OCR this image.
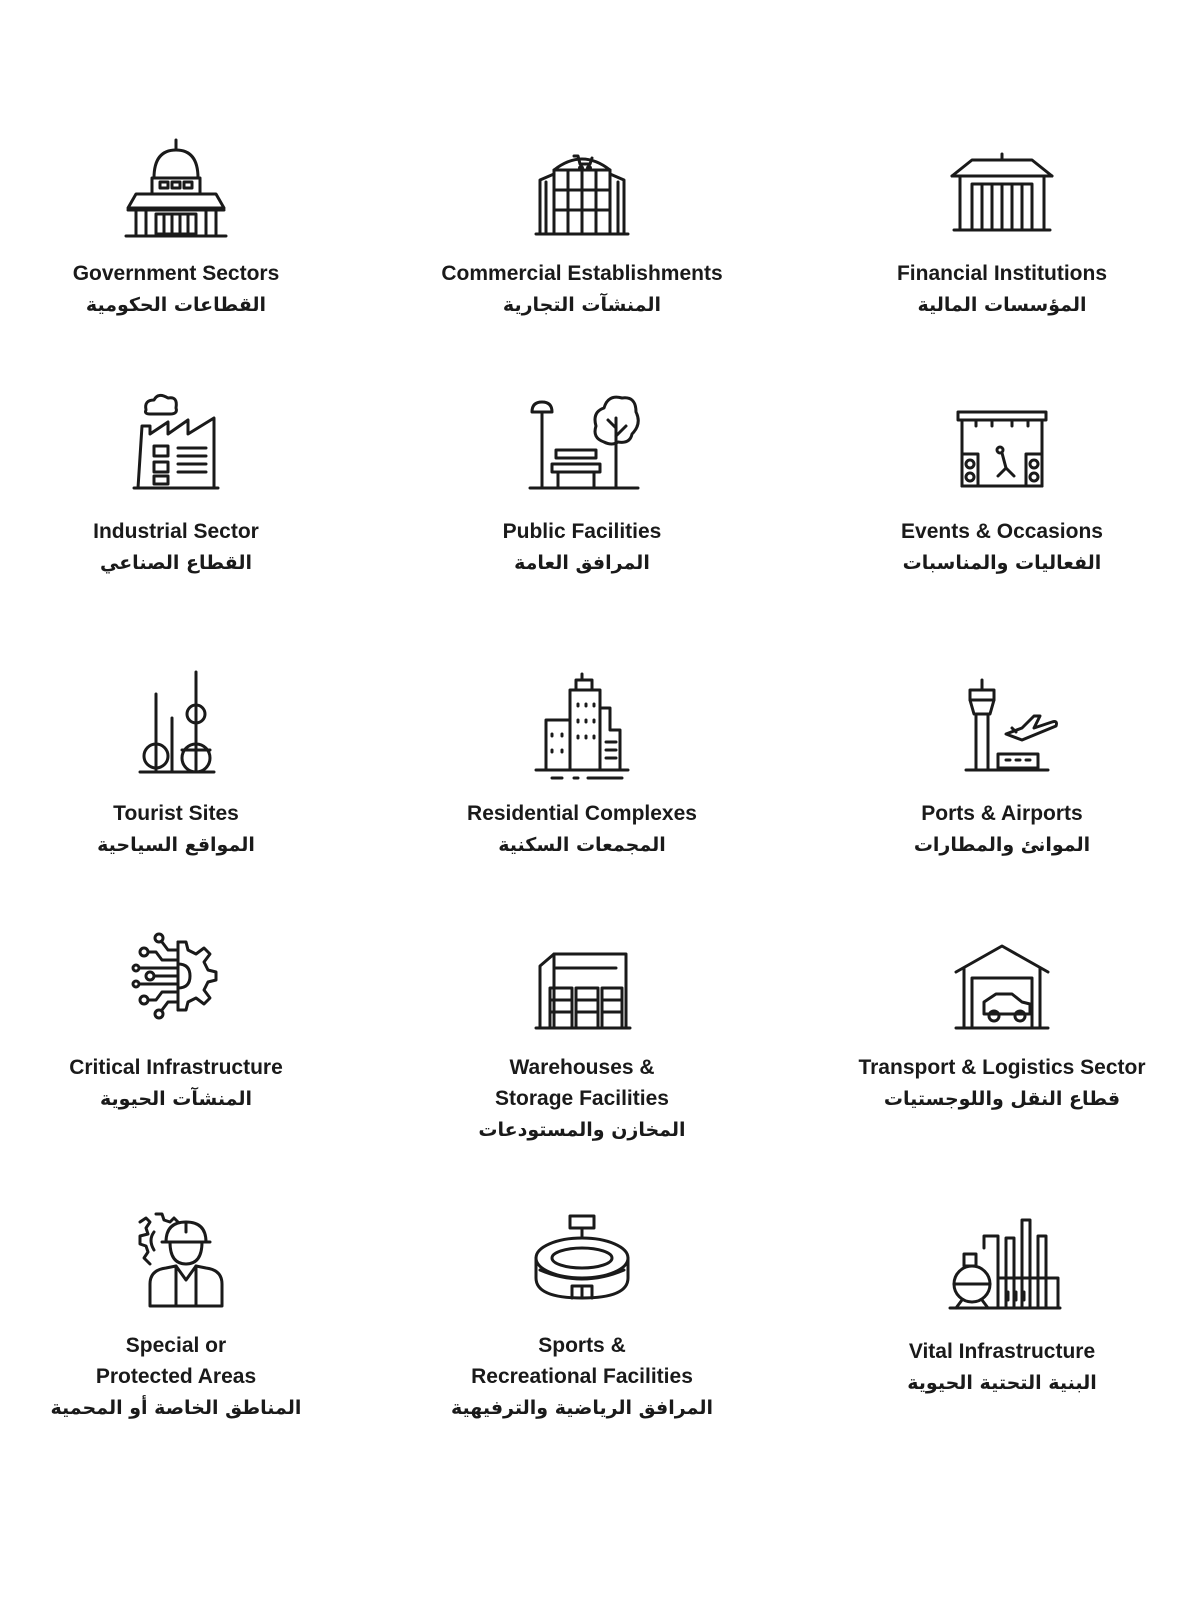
Government Sectors
القطاعات الحكومية
Commercial Establishments
المنشآت التجارية
Financial Institutions
المؤسسات المالية
Industrial Sector
القطاع الصناعي
Public Facilities
المرافق العامة
Events & Occasions
الفعاليات والمناسبات
Tourist Sites
المواقع السياحية
Residential Complexes
المجمعات السكنية
Ports & Airports
الموانئ والمطارات
Critical Infrastructure
المنشآت الحيوية
Warehouses &
Storage Facilities
المخازن والمستودعات
Transport & Logistics Sector
قطاع النقل واللوجستيات
Special or
Protected Areas
المناطق الخاصة أو المحمية
Sports &
Recreational Facilities
المرافق الرياضية والترفيهية
Vital Infrastructure
البنية التحتية الحيوية
